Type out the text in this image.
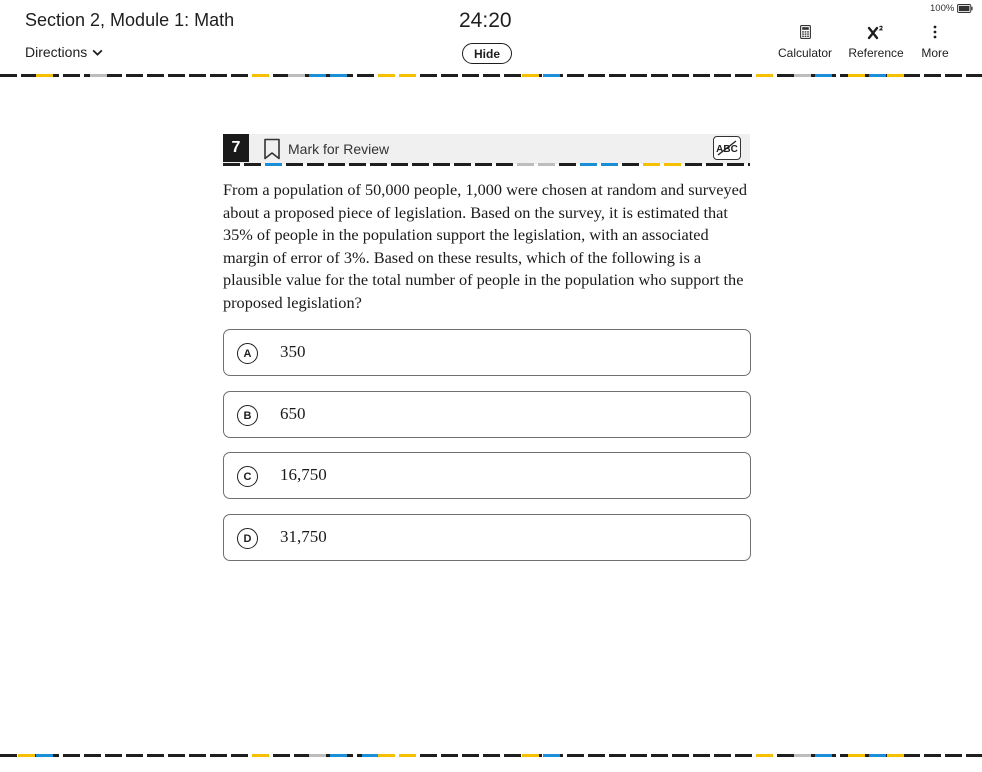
Section 2, Module 1: Math
Directions
24:20
Hide
100%
Calculator Reference More
7	Mark for Review	ABC

From a population of 50,000 people, 1,000 were chosen at random and surveyed about a proposed piece of legislation. Based on the survey, it is estimated that 35% of people in the population support the legislation, with an associated margin of error of 3%. Based on these results, which of the following is a plausible value for the total number of people in the population who support the proposed legislation?

A	350
B	650
C	16,750
D	31,750
